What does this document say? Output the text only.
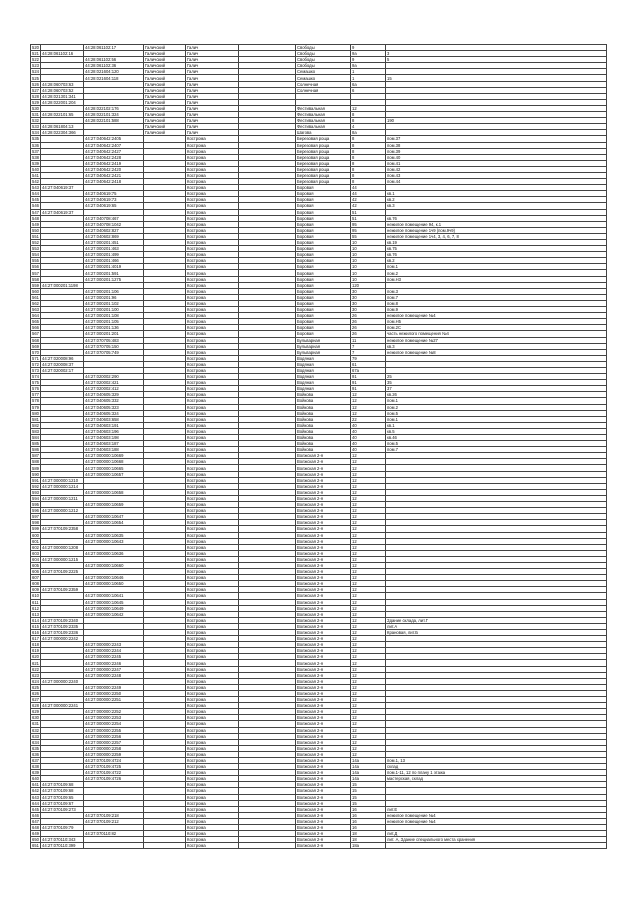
520		44:28:061102:17	Галичский	Галич		Свободы	9	
521	44:28:061102:16		Галичский	Галич		Свободы	9а	3
522		44:28:061102:56	Галичский	Галич		Свободы	9	5
523		44:28:061102:36	Галичский	Галич		Свободы	9а	
524		44:28:021604:120	Галичский	Галич		Семашко	1	
525		44:28:021604:118	Галичский	Галич		Семашко	1	15
526	44:28:060703:63		Галичский	Галич		Солнечная	6а	
527	44:28:060703:52		Галичский	Галич		Солнечная	6	
528	44:28:021301:341		Галичский	Галич				
529	44:28:022001:204		Галичский	Галич				
530		44:28:022102:176	Галичский	Галич		Фестивальная	12	
531	44:28:022101:65	44:28:022101:324	Галичский	Галич		Фестивальная	8	
532		44:28:022101:588	Галичский	Галич		Фестивальная	8	190
533	44:28:061804:13		Галичский	Галич		Фестивальная	4	
534	44:28:022304:366		Галичский	Галич		Шагова	8а	
535		44:27:040642:2405		Кострома		Березовая роща	8	пом.37
536		44:27:040642:2407		Кострома		Березовая роща	8	пом.38
537		44:27:040642:2427		Кострома		Березовая роща	8	пом.39
538		44:27:040642:2428		Кострома		Березовая роща	8	пом.40
539		44:27:040642:2419		Кострома		Березовая роща	8	пом.41
540		44:27:040642:2420		Кострома		Березовая роща	8	пом.42
541		44:27:040642:2421		Кострома		Березовая роща	8	пом.43
542		44:27:040642:2418		Кострома		Березовая роща	8	пом.44
543	44:27:040619:37			Кострома		Боровая	44	
544		44:27:040619:75		Кострома		Боровая	44	кв.1
545		44:27:040619:73		Кострома		Боровая	42	кв.2
546		44:27:040619:65		Кострома		Боровая	42	кв.3
547	44:27:040619:37			Кострома		Боровая	51	
548		44:27:040708:467		Кострома		Боровая	51	кв.76
549		44:27:040708:1042		Кострома		Боровая	95	нежилое помещение 94, к.1
550		44:27:040602:827		Кострома		Боровая	95	нежилое помещение 1ч9 (пом.9ч9)
551		44:27:040602:869		Кострома		Боровая	55	нежилое помещение 1ч4, 3, 4, 6, 7, 8
552		44:27:000201:451		Кострома		Боровая	10	кв.19
553		44:27:000201:463		Кострома		Боровая	10	кв.75
554		44:27:000201:499		Кострома		Боровая	10	кв.76
555		44:27:000201:466		Кострома		Боровая	10	кв.2
556		44:27:000201:4019		Кострома		Боровая	10	пом.1
557		44:27:000201:591		Кострома		Боровая	10	пом.2
558		44:27:000201:1275		Кострома		Боровая	10	пом.Н3
559	44:27:000201:1198			Кострома		Боровая	120	
560		44:27:000201:106		Кострома		Боровая	30	пом.3
561		44:27:000201:96		Кострома		Боровая	30	пом.7
562		44:27:000201:102		Кострома		Боровая	30	пом.8
563		44:27:000201:100		Кострома		Боровая	30	пом.9
564		44:27:000201:108		Кострома		Боровая	26	нежилое помещение №4
565		44:27:000201:105		Кострома		Боровая	26	пом.Н5
566		44:27:000201:136		Кострома		Боровая	26	пом.2С
567		44:27:000201:201		Кострома		Боровая	26	часть нежилого помещения №4
568		44:27:070705:483		Кострома		Бульварная	11	нежилое помещение №27
569		44:27:070705:150		Кострома		Бульварная	7	кв.3
570		44:27:070705:749		Кострома		Бульварная	7	нежилое помещение №8
571	44:27:020008:96			Кострома		Водяная	79	
572	44:27:020008:37			Кострома		Водяная	61	
573	44:27:020002:17			Кострома		Водяная	67а	
574		44:27:020002:290		Кострома		Водяная	91	25
575		44:27:020002:421		Кострома		Водяная	91	35
576		44:27:020002:412		Кострома		Водяная	91	37
577		44:27:040605:329		Кострома		Войкова	12	кв.26
578		44:27:040605:332		Кострома		Войкова	12	пом.1
579		44:27:040605:323		Кострома		Войкова	12	пом.2
580		44:27:040605:324		Кострома		Войкова	12	пом.5
581		44:27:040603:658		Кострома		Войкова	22	пом.1
582		44:27:040603:191		Кострома		Войкова	40	кв.1
583		44:27:040603:196		Кострома		Войкова	40	кв.5
584		44:27:040603:198		Кострома		Войкова	40	кв.46
585		44:27:040603:187		Кострома		Войкова	40	пом.5
586		44:27:040603:188		Кострома		Войкова	40	пом.7
587		44:27:000000:10669		Кострома		Волжская 2-я	12	
588		44:27:000000:10668		Кострома		Волжская 2-я	12	
589		44:27:000000:10665		Кострома		Волжская 2-я	12	
590		44:27:000000:10657		Кострома		Волжская 2-я	12	
591	44:27:000000:1210			Кострома		Волжская 2-я	12	
592	44:27:000000:1214			Кострома		Волжская 2-я	12	
593		44:27:000000:10658		Кострома		Волжская 2-я	12	
594	44:27:000000:1211			Кострома		Волжская 2-я	12	
595		44:27:000000:10659		Кострома		Волжская 2-я	12	
596	44:27:000000:1212			Кострома		Волжская 2-я	12	
597		44:27:000000:10647		Кострома		Волжская 2-я	12	
598		44:27:000000:10654		Кострома		Волжская 2-я	12	
599	44:27:070109:2358			Кострома		Волжская 2-я	12	
600		44:27:000000:10635		Кострома		Волжская 2-я	12	
601		44:27:000000:10643		Кострома		Волжская 2-я	12	
602	44:27:000000:1208			Кострома		Волжская 2-я	12	
603		44:27:000000:10636		Кострома		Волжская 2-я	12	
604	44:27:000000:1215			Кострома		Волжская 2-я	12	
605		44:27:000000:10660		Кострома		Волжская 2-я	12	
606	44:27:070109:2225			Кострома		Волжская 2-я	12	
607		44:27:000000:10646		Кострома		Волжская 2-я	12	
608		44:27:000000:10650		Кострома		Волжская 2-я	12	
609	44:27:070109:2359			Кострома		Волжская 2-я	12	
610		44:27:000000:10641		Кострома		Волжская 2-я	12	
611		44:27:000000:10645		Кострома		Волжская 2-я	12	
612		44:27:000000:10649		Кострома		Волжская 2-я	12	
613		44:27:000000:10642		Кострома		Волжская 2-я	12	
614	44:27:070109:2340			Кострома		Волжская 2-я	12	Здание склада, лит.Г
615	44:27:070109:2335			Кострома		Волжская 2-я	12	лит.А
616	44:27:070109:2336			Кострома		Волжская 2-я	12	Крановая, лит.Б
617	44:27:000000:2242			Кострома		Волжская 2-я	12	
618		44:27:000000:2243		Кострома		Волжская 2-я	12	
619		44:27:000000:2244		Кострома		Волжская 2-я	12	
620		44:27:000000:2245		Кострома		Волжская 2-я	12	
621		44:27:000000:2246		Кострома		Волжская 2-я	12	
622		44:27:000000:2247		Кострома		Волжская 2-я	12	
623		44:27:000000:2248		Кострома		Волжская 2-я	12	
624	44:27:000000:2240			Кострома		Волжская 2-я	12	
625		44:27:000000:2249		Кострома		Волжская 2-я	12	
626		44:27:000000:2250		Кострома		Волжская 2-я	12	
627		44:27:000000:2251		Кострома		Волжская 2-я	12	
628	44:27:000000:2241			Кострома		Волжская 2-я	12	
629		44:27:000000:2252		Кострома		Волжская 2-я	12	
630		44:27:000000:2253		Кострома		Волжская 2-я	12	
631		44:27:000000:2254		Кострома		Волжская 2-я	12	
632		44:27:000000:2255		Кострома		Волжская 2-я	12	
633		44:27:000000:2256		Кострома		Волжская 2-я	12	
634		44:27:000000:2257		Кострома		Волжская 2-я	12	
635		44:27:000000:2258		Кострома		Волжская 2-я	12	
636		44:27:000000:2259		Кострома		Волжская 2-я	12	
637		44:27:070109:4724		Кострома		Волжская 2-я	14а	пом.1, 13
638		44:27:070109:4725		Кострома		Волжская 2-я	14а	склад
639		44:27:070109:4722		Кострома		Волжская 2-я	14а	пом.1-11, 12 по плану 1 этажа
640		44:27:070109:4726		Кострома		Волжская 2-я	14а	мастерская, склад
641	44:27:070109:68			Кострома		Волжская 2-я	15	
642	44:27:070109:68			Кострома		Волжская 2-я	15	
643	44:27:070109:65			Кострома		Волжская 2-я	15	
644	44:27:070109:67			Кострома		Волжская 2-я	15	
645	44:27:070109:273			Кострома		Волжская 2-я	16	лит.Е
646		44:27:070109:218		Кострома		Волжская 2-я	16	нежилое помещение №4
647		44:27:070109:212		Кострома		Волжская 2-я	16	нежилое помещение №4
648	44:27:070109:79			Кострома		Волжская 2-я	16	
649		44:27:070110:82		Кострома		Волжская 2-я	18	лит.Д
650	44:27:070110:343			Кострома		Волжская 2-я	18	лит. А, Здание специального места хранения
651	44:27:070110:399			Кострома		Волжская 2-я	18а	
